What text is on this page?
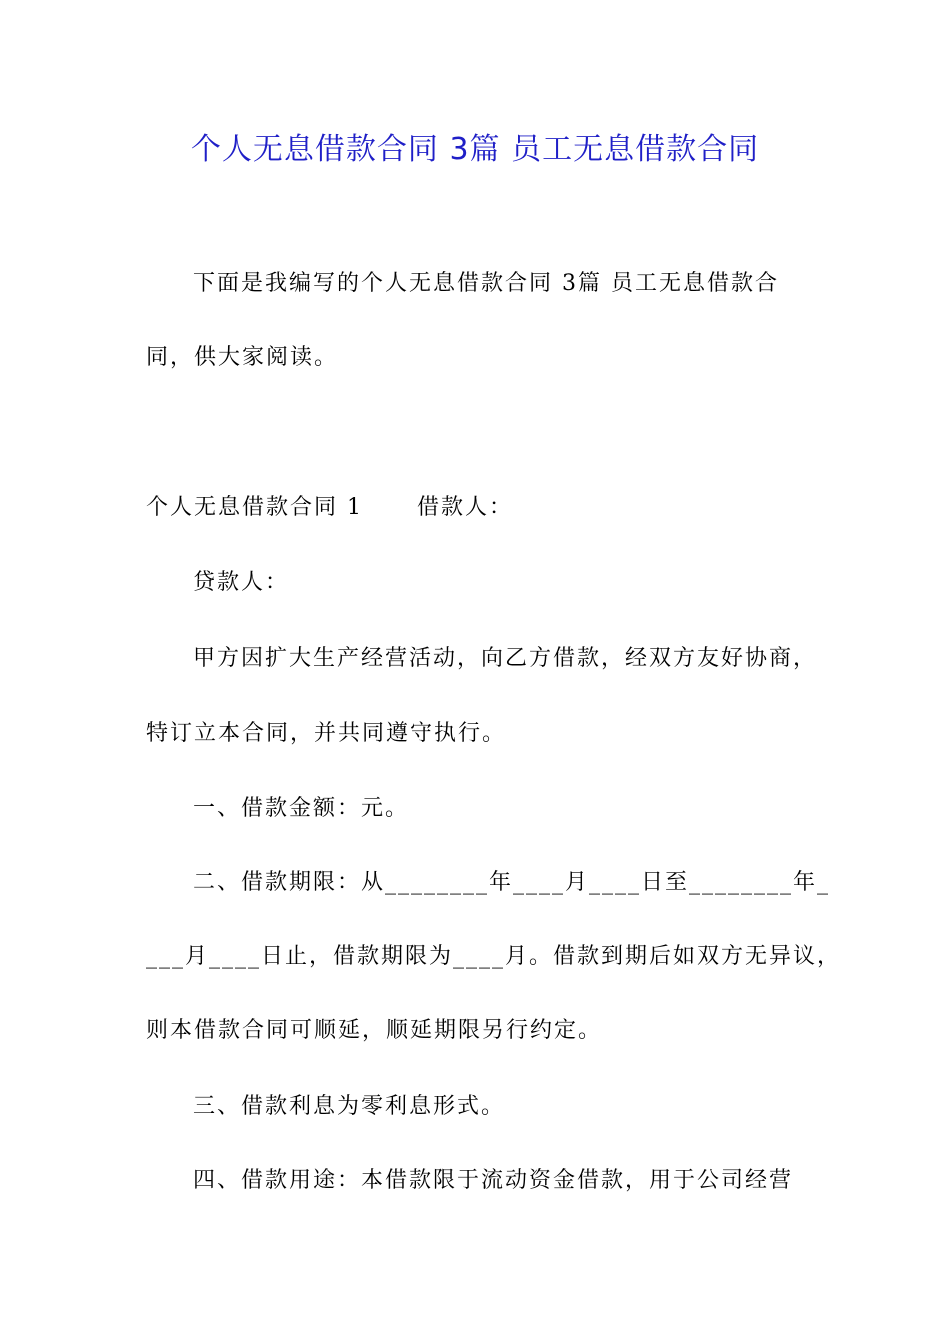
个人无息借款合同 3篇 员工无息借款合同
下面是我编写的个人无息借款合同 3篇 员工无息借款合
同，供大家阅读。
个人无息借款合同 1 借款人：
贷款人：
甲方因扩大生产经营活动，向乙方借款，经双方友好协商，
特订立本合同，并共同遵守执行。
一、借款金额：元。
二、借款期限：从________年____月____日至________年_
___月____日止，借款期限为____月。借款到期后如双方无异议，
则本借款合同可顺延，顺延期限另行约定。
三、借款利息为零利息形式。
四、借款用途：本借款限于流动资金借款，用于公司经营
